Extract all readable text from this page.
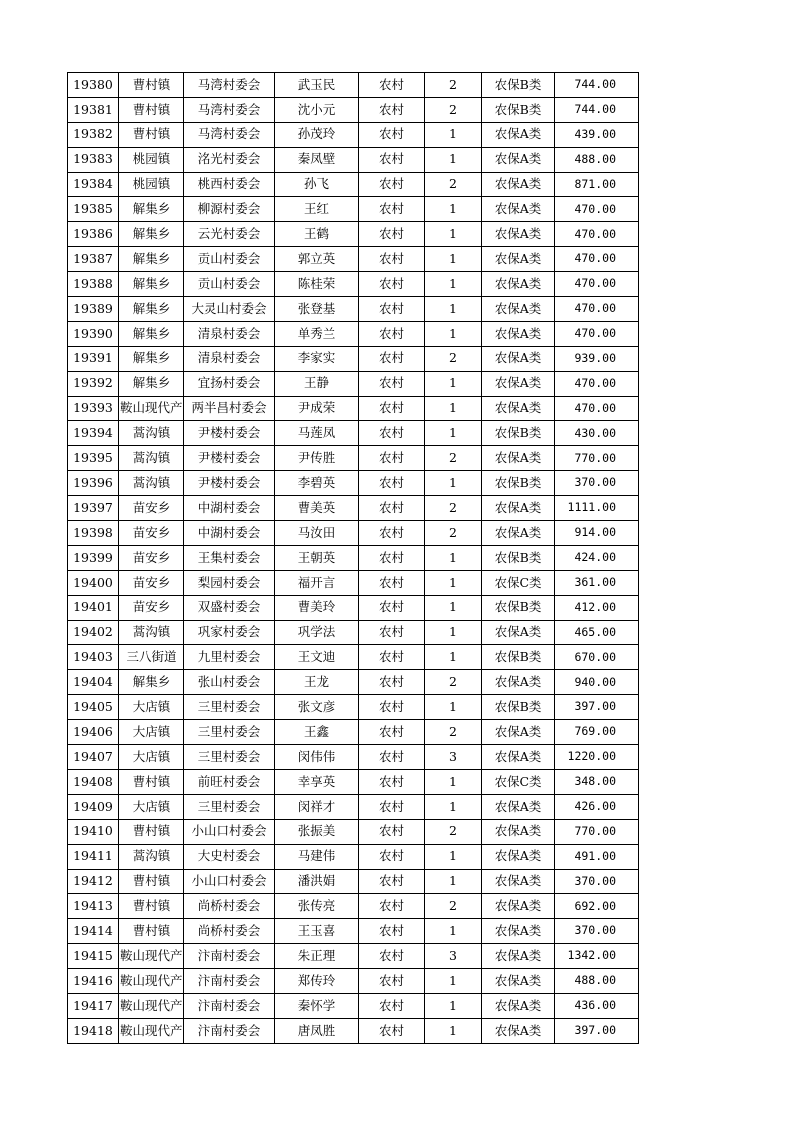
19380	曹村镇	马湾村委会	武玉民	农村	2	农保B类	744.00
19381	曹村镇	马湾村委会	沈小元	农村	2	农保B类	744.00
19382	曹村镇	马湾村委会	孙茂玲	农村	1	农保A类	439.00
19383	桃园镇	洺光村委会	秦凤壁	农村	1	农保A类	488.00
19384	桃园镇	桃西村委会	孙飞	农村	2	农保A类	871.00
19385	解集乡	柳源村委会	王红	农村	1	农保A类	470.00
19386	解集乡	云光村委会	王鹤	农村	1	农保A类	470.00
19387	解集乡	贡山村委会	郭立英	农村	1	农保A类	470.00
19388	解集乡	贡山村委会	陈桂荣	农村	1	农保A类	470.00
19389	解集乡	大灵山村委会	张登基	农村	1	农保A类	470.00
19390	解集乡	清泉村委会	单秀兰	农村	1	农保A类	470.00
19391	解集乡	清泉村委会	李家实	农村	2	农保A类	939.00
19392	解集乡	宜扬村委会	王静	农村	1	农保A类	470.00
19393	鞍山现代产	两半昌村委会	尹成荣	农村	1	农保A类	470.00
19394	蒿沟镇	尹楼村委会	马莲凤	农村	1	农保B类	430.00
19395	蒿沟镇	尹楼村委会	尹传胜	农村	2	农保A类	770.00
19396	蒿沟镇	尹楼村委会	李碧英	农村	1	农保B类	370.00
19397	苗安乡	中湖村委会	曹美英	农村	2	农保A类	1111.00
19398	苗安乡	中湖村委会	马汝田	农村	2	农保A类	914.00
19399	苗安乡	王集村委会	王朝英	农村	1	农保B类	424.00
19400	苗安乡	梨园村委会	福开言	农村	1	农保C类	361.00
19401	苗安乡	双盛村委会	曹美玲	农村	1	农保B类	412.00
19402	蒿沟镇	巩家村委会	巩学法	农村	1	农保A类	465.00
19403	三八街道	九里村委会	王文迪	农村	1	农保B类	670.00
19404	解集乡	张山村委会	王龙	农村	2	农保A类	940.00
19405	大店镇	三里村委会	张文彦	农村	1	农保B类	397.00
19406	大店镇	三里村委会	王鑫	农村	2	农保A类	769.00
19407	大店镇	三里村委会	闵伟伟	农村	3	农保A类	1220.00
19408	曹村镇	前旺村委会	幸享英	农村	1	农保C类	348.00
19409	大店镇	三里村委会	闵祥才	农村	1	农保A类	426.00
19410	曹村镇	小山口村委会	张振美	农村	2	农保A类	770.00
19411	蒿沟镇	大史村委会	马建伟	农村	1	农保A类	491.00
19412	曹村镇	小山口村委会	潘洪娟	农村	1	农保A类	370.00
19413	曹村镇	尚桥村委会	张传亮	农村	2	农保A类	692.00
19414	曹村镇	尚桥村委会	王玉喜	农村	1	农保A类	370.00
19415	鞍山现代产	汴南村委会	朱正理	农村	3	农保A类	1342.00
19416	鞍山现代产	汴南村委会	郑传玲	农村	1	农保A类	488.00
19417	鞍山现代产	汴南村委会	秦怀学	农村	1	农保A类	436.00
19418	鞍山现代产	汴南村委会	唐凤胜	农村	1	农保A类	397.00
